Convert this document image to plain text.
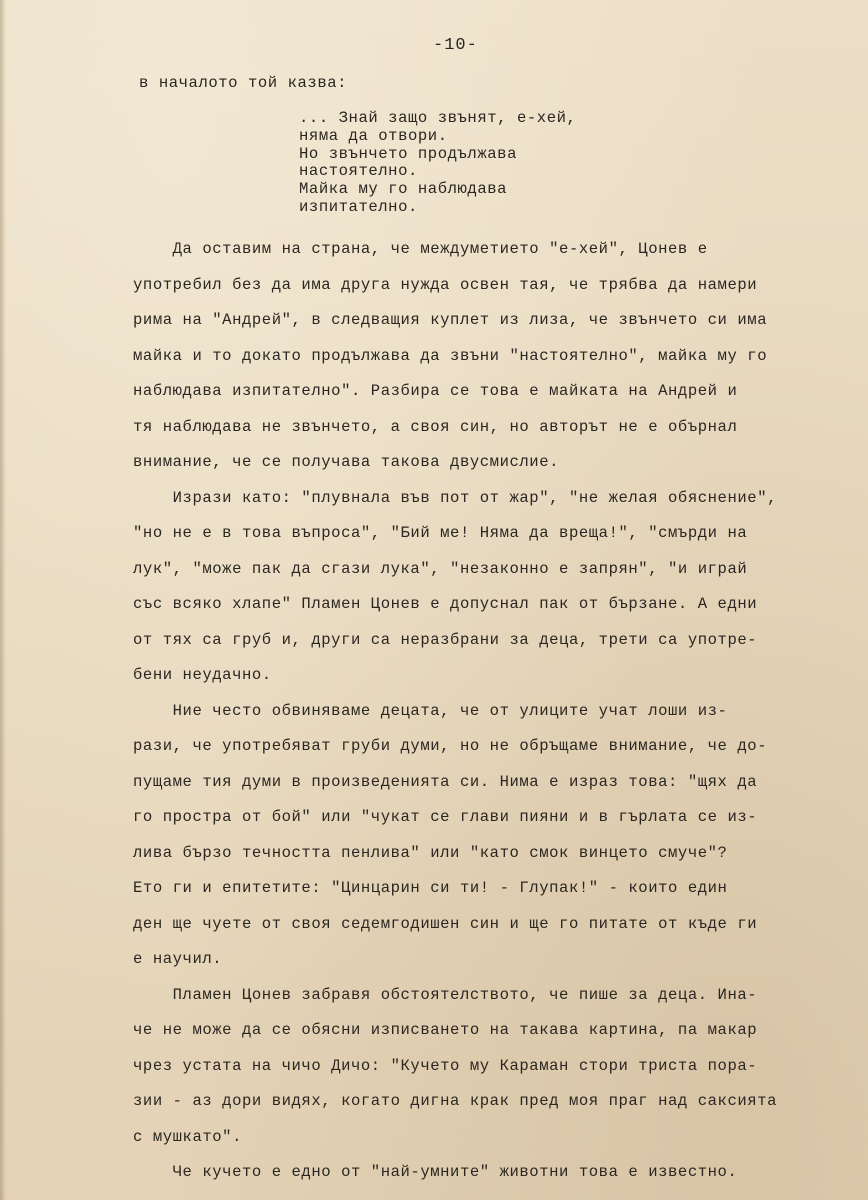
-10-

в началото той казва:

... Знай защо звънят, е-хей,
няма да отвори.
Но звънчето продължава
настоятелно.
Майка му го наблюдава
изпитателно.
Да оставим на страна, че междуметието "е-хей", Цонев е
употребил без да има друга нужда освен тая, че трябва да намери
рима на "Андрей", в следващия куплет из лиза, че звънчето си има
майка и то докато продължава да звъни "настоятелно", майка му го
наблюдава изпитателно". Разбира се това е майката на Андрей и
тя наблюдава не звънчето, а своя син, но авторът не е обърнал
внимание, че се получава такова двусмислие.
Изрази като: "плувнала във пот от жар", "не желая обяснение",
"но не е в това въпроса", "Бий ме! Няма да вреща!", "смърди на
лук", "може пак да сгази лука", "незаконно е запрян", "и играй
със всяко хлапе" Пламен Цонев е допуснал пак от бързане. А едни
от тях са груб и, други са неразбрани за деца, трети са употре-
бени неудачно.
Ние често обвиняваме децата, че от улиците учат лоши из-
рази, че употребяват груби думи, но не обръщаме внимание, че до-
пущаме тия думи в произведенията си. Нима е израз това: "щях да
го простра от бой" или "чукат се глави пияни и в гърлата се из-
лива бързо течността пенлива" или "като смок винцето смуче"?
Ето ги и епитетите: "Цинцарин си ти! - Глупак!" - които един
ден ще чуете от своя седемгодишен син и ще го питате от къде ги
е научил.
Пламен Цонев забравя обстоятелството, че пише за деца. Ина-
че не може да се обясни изписването на такава картина, па макар
чрез устата на чичо Дичо: "Кучето му Караман стори триста пора-
зии - аз дори видях, когато дигна крак пред моя праг над саксията
с мушкато".
Че кучето е едно от "най-умните" животни това е известно.
